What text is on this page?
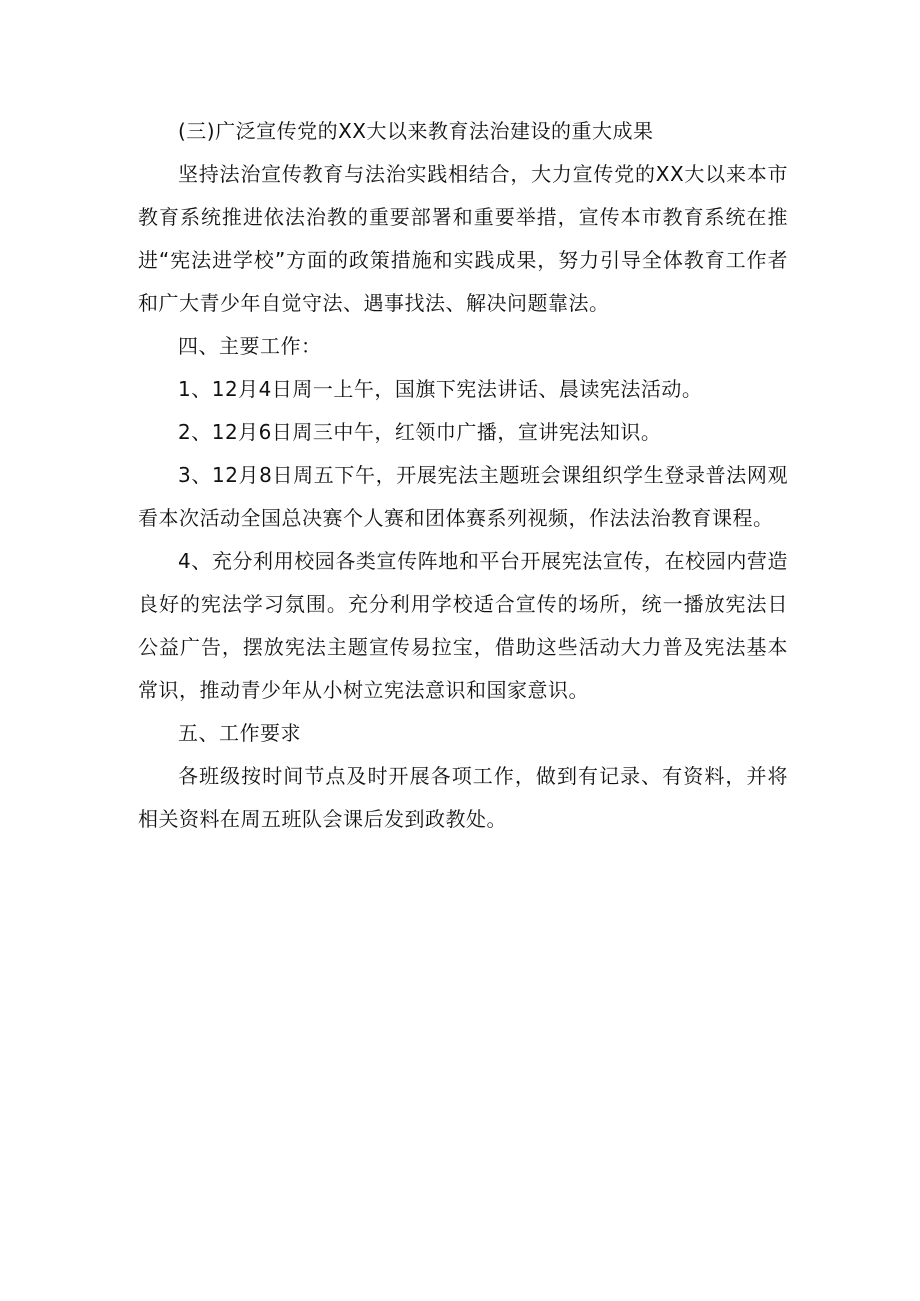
(三)广泛宣传党的XX大以来教育法治建设的重大成果

坚持法治宣传教育与法治实践相结合，大力宣传党的XX大以来本市教育系统推进依法治教的重要部署和重要举措，宣传本市教育系统在推进“宪法进学校”方面的政策措施和实践成果，努力引导全体教育工作者和广大青少年自觉守法、遇事找法、解决问题靠法。

四、主要工作：

1、12月4日周一上午，国旗下宪法讲话、晨读宪法活动。

2、12月6日周三中午，红领巾广播，宣讲宪法知识。

3、12月8日周五下午，开展宪法主题班会课组织学生登录普法网观看本次活动全国总决赛个人赛和团体赛系列视频，作法法治教育课程。

4、充分利用校园各类宣传阵地和平台开展宪法宣传，在校园内营造良好的宪法学习氛围。充分利用学校适合宣传的场所，统一播放宪法日公益广告，摆放宪法主题宣传易拉宝，借助这些活动大力普及宪法基本常识，推动青少年从小树立宪法意识和国家意识。

五、工作要求

各班级按时间节点及时开展各项工作，做到有记录、有资料，并将相关资料在周五班队会课后发到政教处。
